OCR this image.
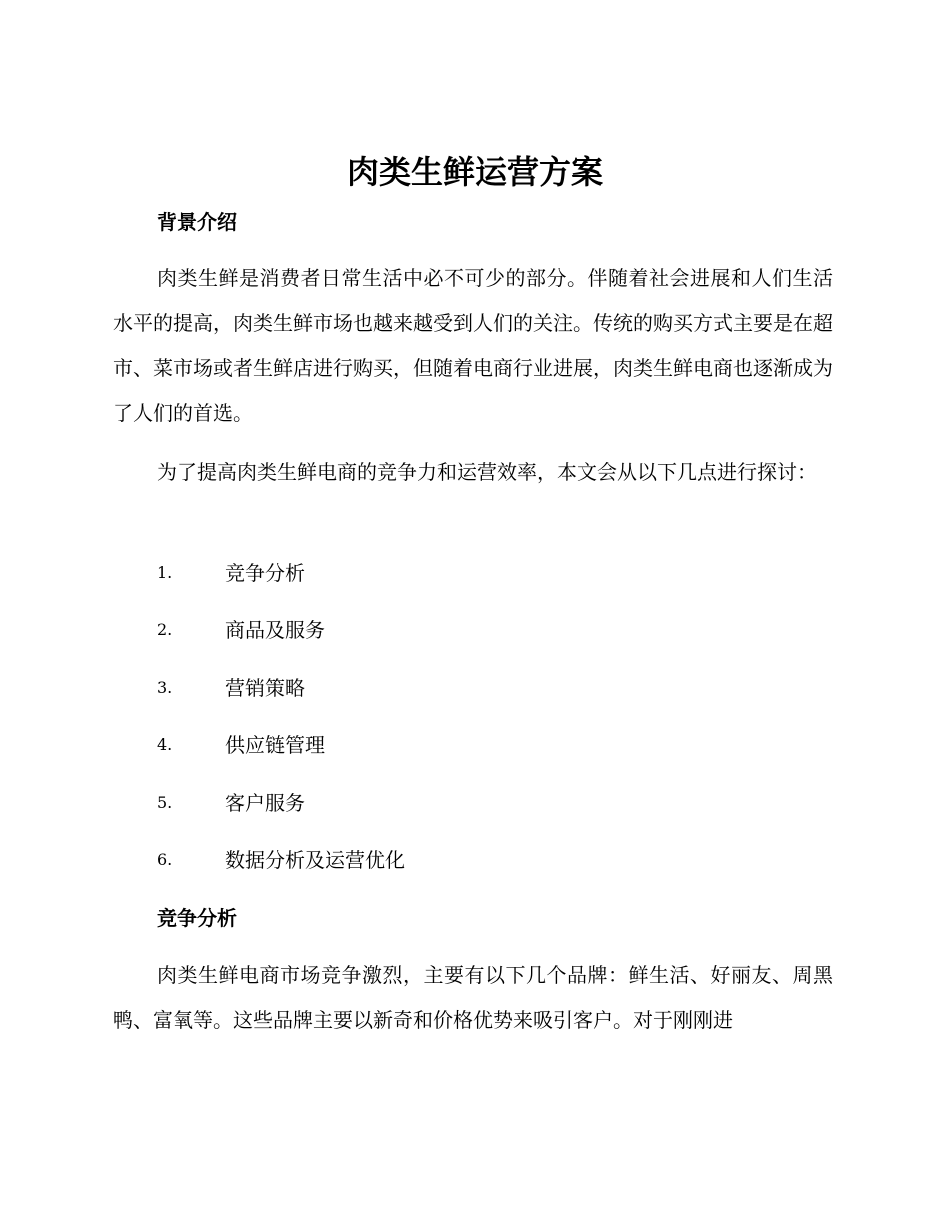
肉类生鲜运营方案
背景介绍

肉类生鲜是消费者日常生活中必不可少的部分。伴随着社会进展和人们生活水平的提高，肉类生鲜市场也越来越受到人们的关注。传统的购买方式主要是在超市、菜市场或者生鲜店进行购买，但随着电商行业进展，肉类生鲜电商也逐渐成为了人们的首选。

为了提高肉类生鲜电商的竞争力和运营效率，本文会从以下几点进行探讨：

1.	竞争分析
2.	商品及服务
3.	营销策略
4.	供应链管理
5.	客户服务
6.	数据分析及运营优化
竞争分析

肉类生鲜电商市场竞争激烈，主要有以下几个品牌：鲜生活、好丽友、周黑鸭、富氧等。这些品牌主要以新奇和价格优势来吸引客户。对于刚刚进
